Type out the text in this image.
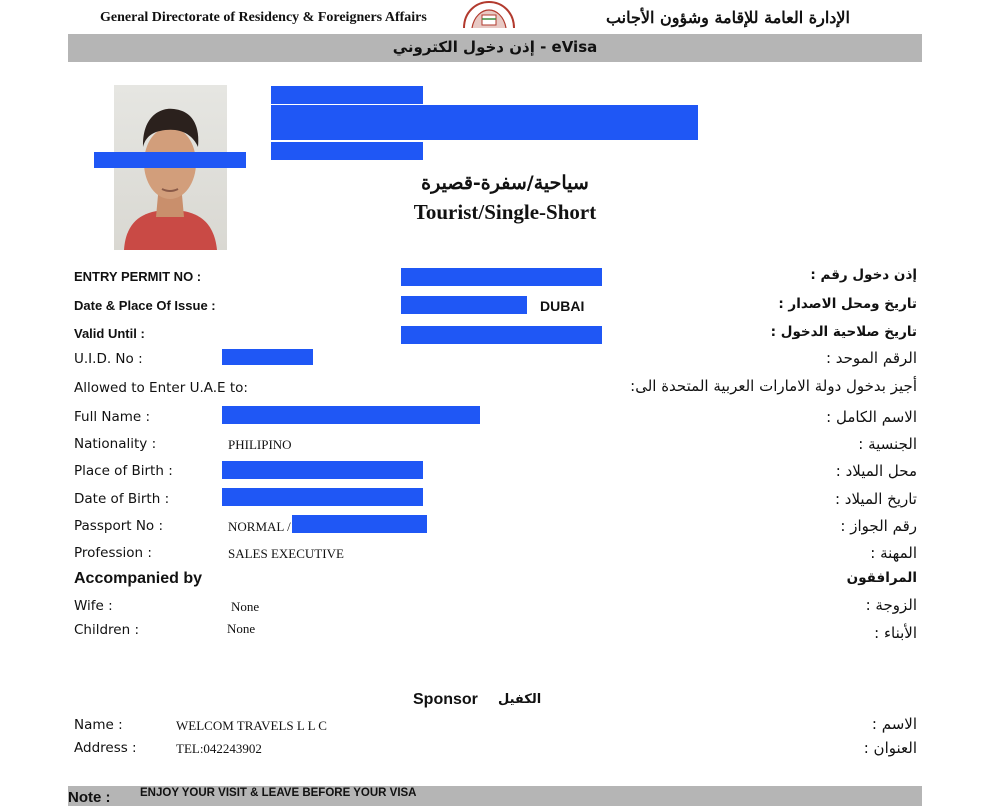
General Directorate of Residency & Foreigners Affairs	الإدارة العامة للإقامة وشؤون الأجانب
إذن دخول الكتروني - eVisa
سياحية/سفرة-قصيرة
Tourist/Single-Short
ENTRY PERMIT NO :	إذن دخول رقم :
Date & Place Of Issue :	DUBAI	تاريخ ومحل الاصدار :
Valid Until :	تاريخ صلاحية الدخول :
U.I.D. No :	الرقم الموحد :
Allowed to Enter U.A.E to:	أجيز بدخول دولة الامارات العربية المتحدة الى:
Full Name :	الاسم الكامل :
Nationality :	PHILIPINO	الجنسية :
Place of Birth :	محل الميلاد :
Date of Birth :	تاريخ الميلاد :
Passport No :	NORMAL /	رقم الجواز :
Profession :	SALES EXECUTIVE	المهنة :
Accompanied by	المرافقون
Wife :	None	الزوجة :
Children :	None	الأبناء :
Sponsor الكفيل
Name :	WELCOM TRAVELS L L C	الاسم :
Address :	TEL:042243902	العنوان :
Note :	ENJOY YOUR VISIT & LEAVE BEFORE YOUR VISA
